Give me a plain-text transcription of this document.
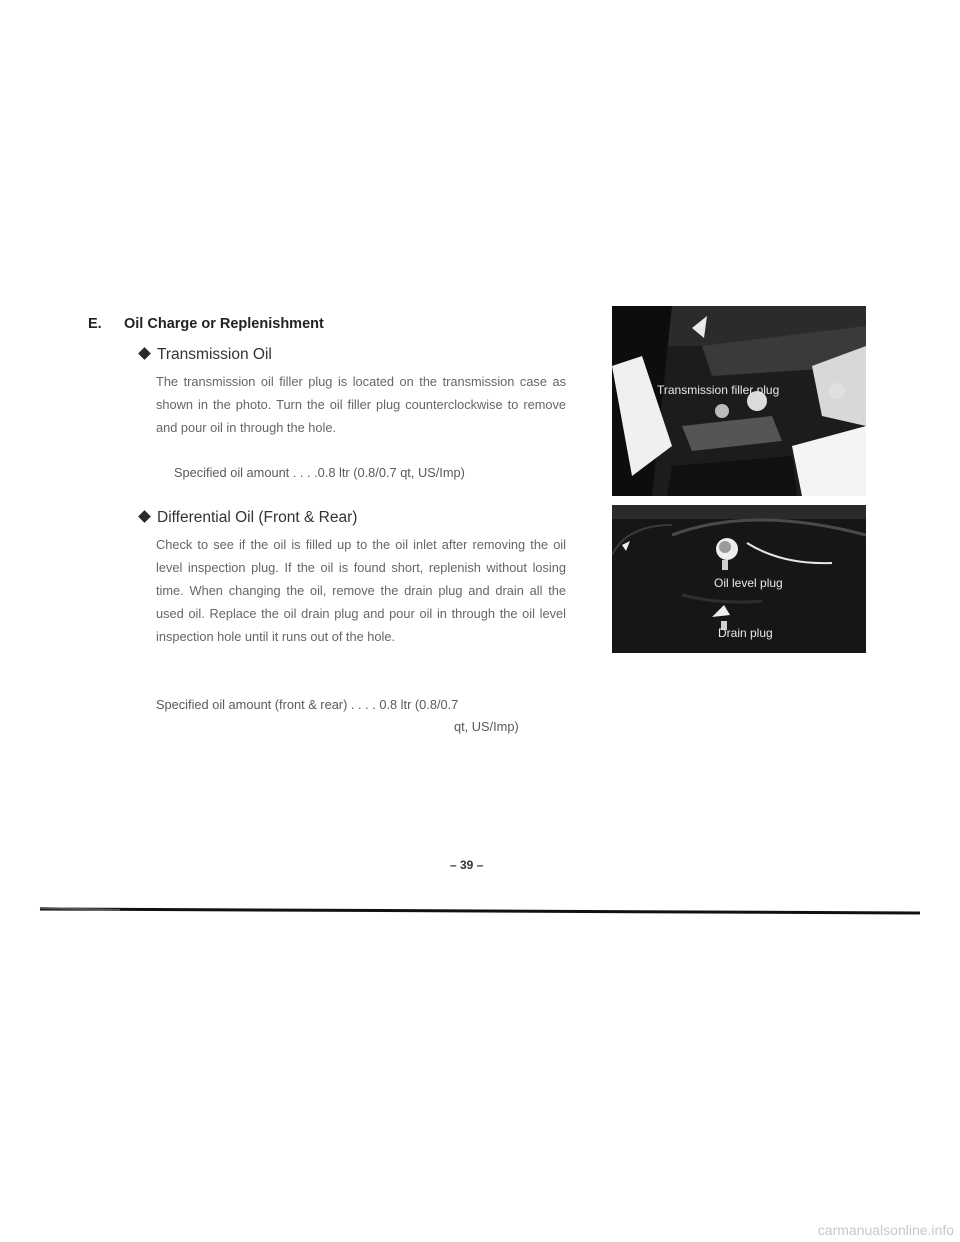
E. Oil Charge or Replenishment
Transmission Oil
The transmission oil filler plug is located on the transmission case as shown in the photo. Turn the oil filler plug counterclockwise to remove and pour oil in through the hole.
Specified oil amount . . . .0.8 ltr (0.8/0.7 qt, US/Imp)
Differential Oil (Front & Rear)
Check to see if the oil is filled up to the oil inlet after removing the oil level inspection plug. If the oil is found short, replenish without losing time. When changing the oil, remove the drain plug and drain all the used oil. Replace the oil drain plug and pour oil in through the oil level inspection hole until it runs out of the hole.
Specified oil amount (front & rear) . . . . 0.8 ltr (0.8/0.7
qt, US/Imp)
Transmission filler plug
Oil level plug
Drain plug
– 39 –
carmanualsonline.info
